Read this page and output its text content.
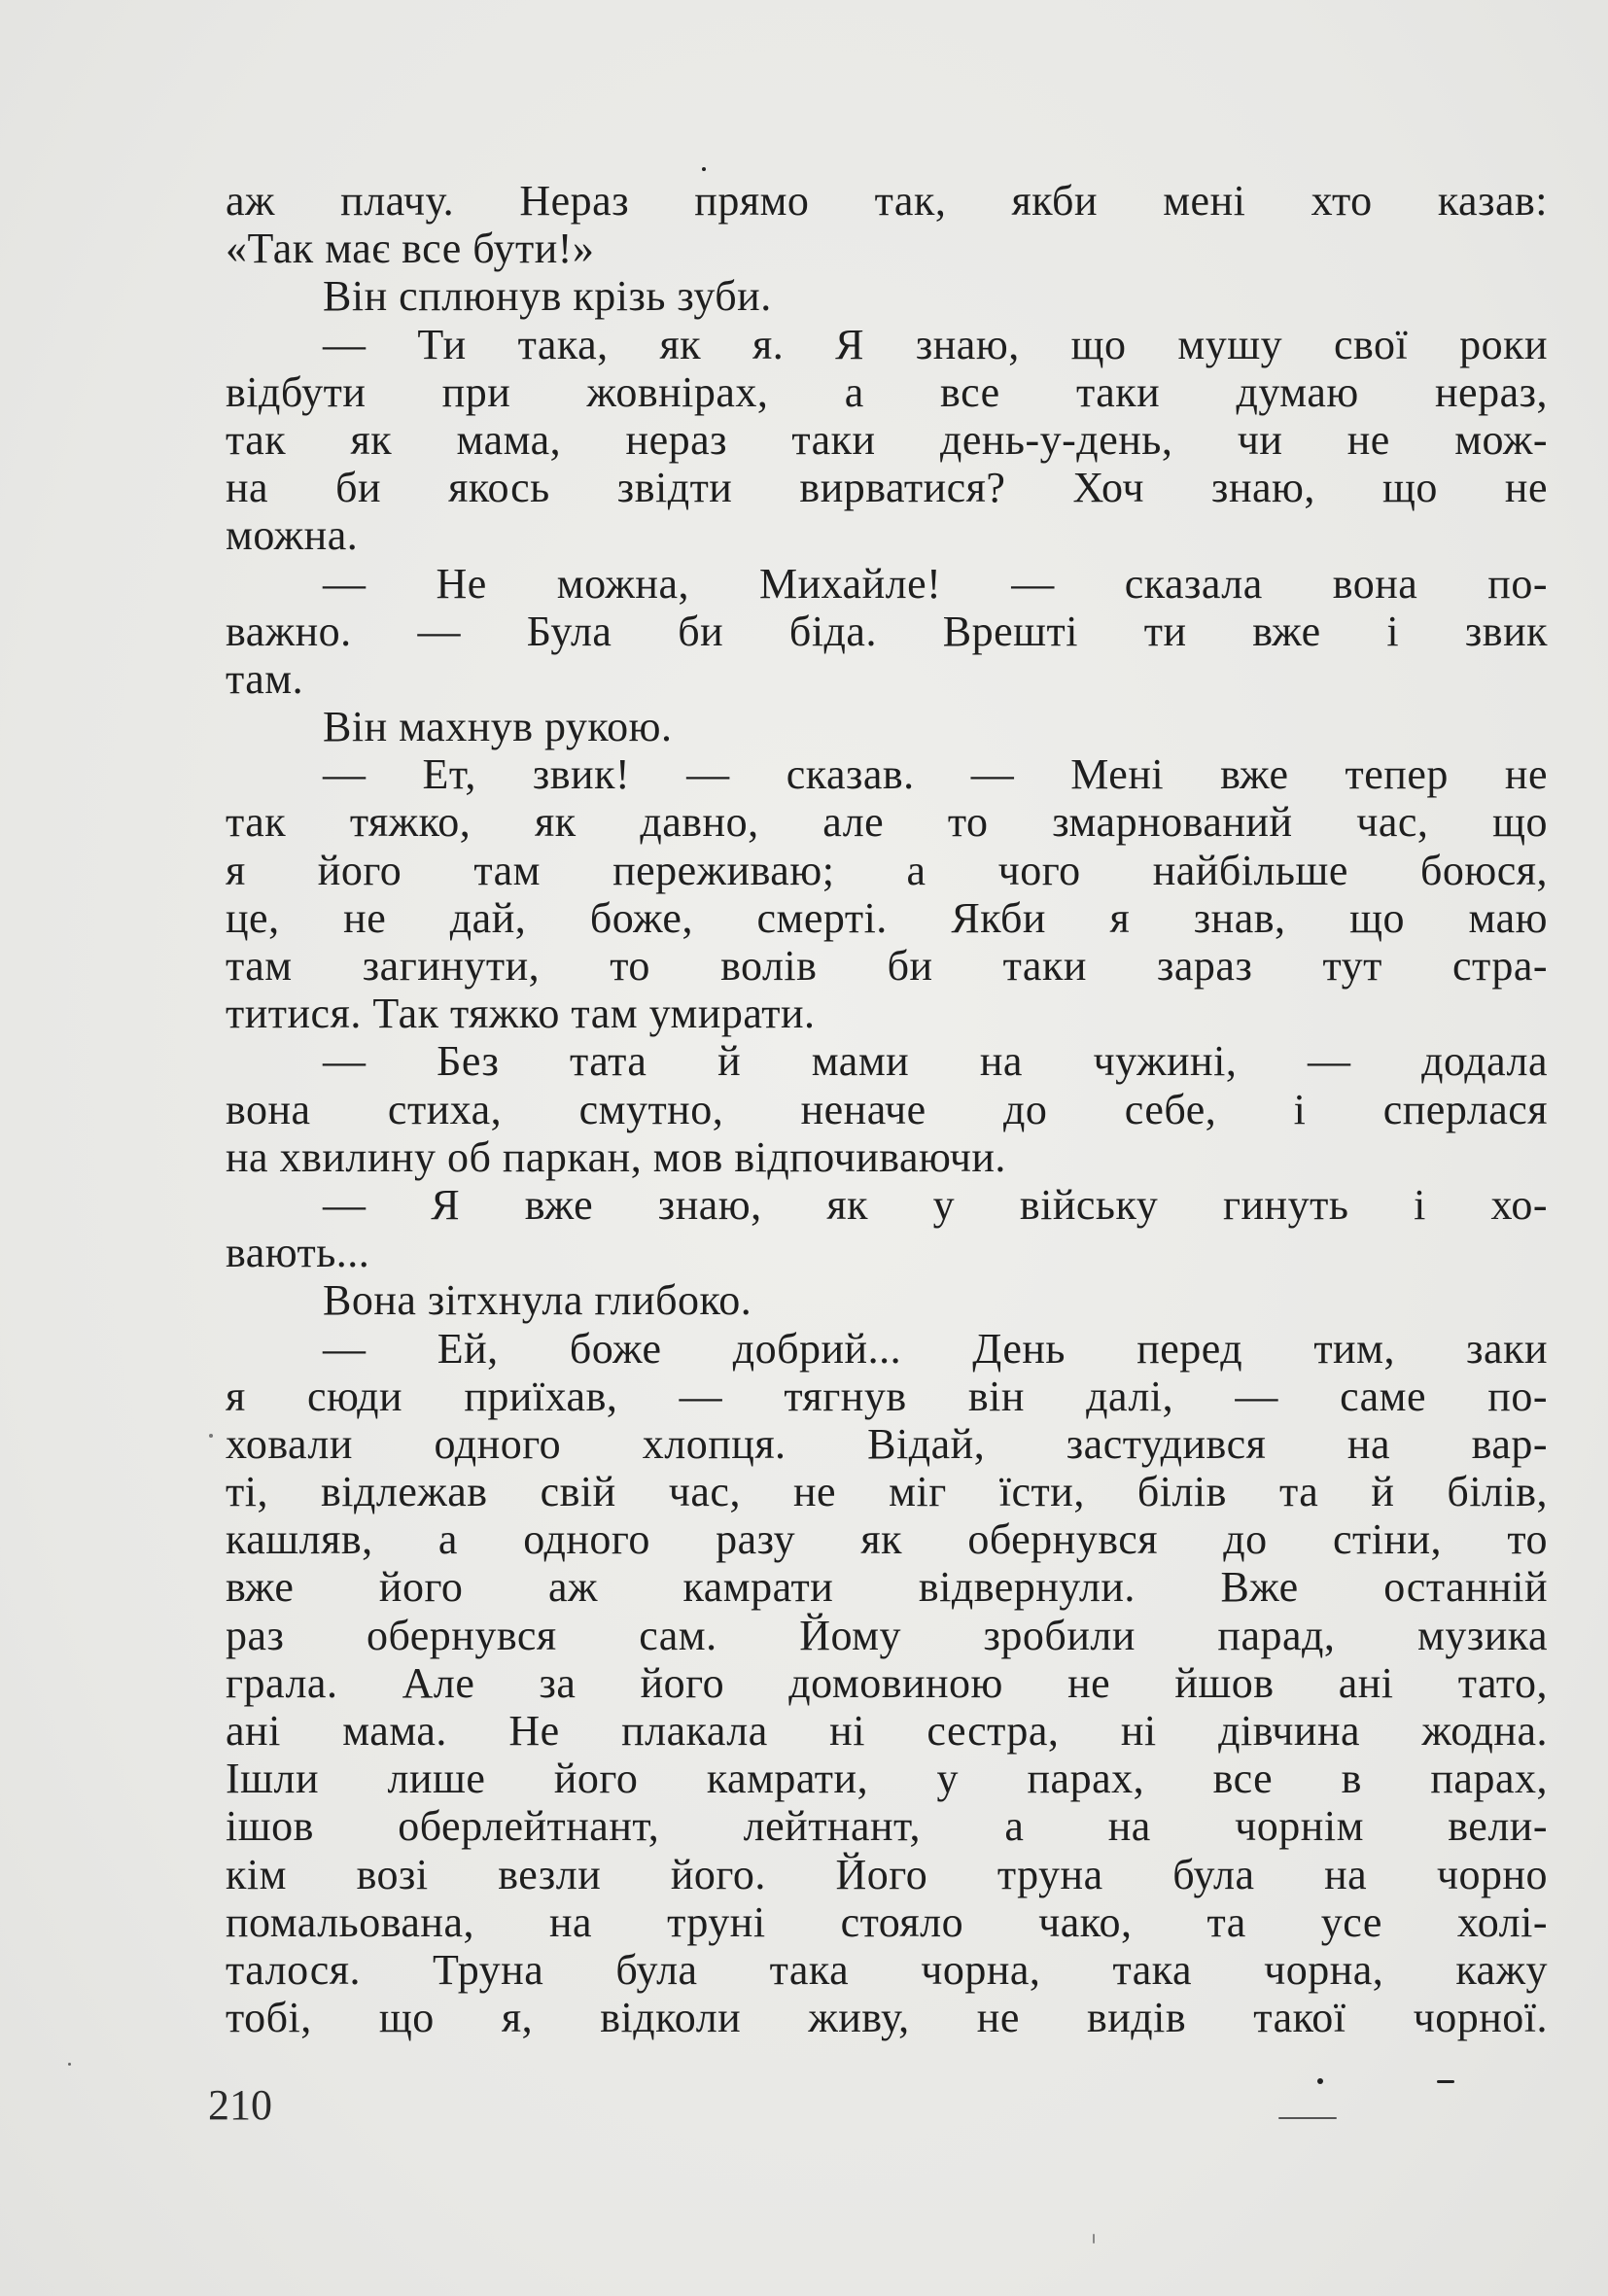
аж плачу. Нераз прямо так, якби мені хто казав:
«Так має все бути!»
Він сплюнув крізь зуби.
— Ти така, як я. Я знаю, що мушу свої роки
відбути при жовнірах, а все таки думаю нераз,
так як мама, нераз таки день-у-день, чи не мож-
на би якось звідти вирватися? Хоч знаю, що не
можна.
— Не можна, Михайле! — сказала вона по-
важно. — Була би біда. Врешті ти вже і звик
там.
Він махнув рукою.
— Ет, звик! — сказав. — Мені вже тепер не
так тяжко, як давно, але то змарнований час, що
я його там переживаю; а чого найбільше боюся,
це, не дай, боже, смерті. Якби я знав, що маю
там загинути, то волів би таки зараз тут стра-
титися. Так тяжко там умирати.
— Без тата й мами на чужині, — додала
вона стиха, смутно, неначе до себе, і сперлася
на хвилину об паркан, мов відпочиваючи.
— Я вже знаю, як у війську гинуть і хо-
вають...
Вона зітхнула глибоко.
— Ей, боже добрий... День перед тим, заки
я сюди приїхав, — тягнув він далі, — саме по-
ховали одного хлопця. Відай, застудився на вар-
ті, відлежав свій час, не міг їсти, білів та й білів,
кашляв, а одного разу як обернувся до стіни, то
вже його аж камрати відвернули. Вже останній
раз обернувся сам. Йому зробили парад, музика
грала. Але за його домовиною не йшов ані тато,
ані мама. Не плакала ні сестра, ні дівчина жодна.
Ішли лише його камрати, у парах, все в парах,
ішов оберлейтнант, лейтнант, а на чорнім вели-
кім возі везли його. Його труна була на чорно
помальована, на труні стояло чако, та усе холі-
талося. Труна була така чорна, така чорна, кажу
тобі, що я, відколи живу, не видів такої чорної.
210
